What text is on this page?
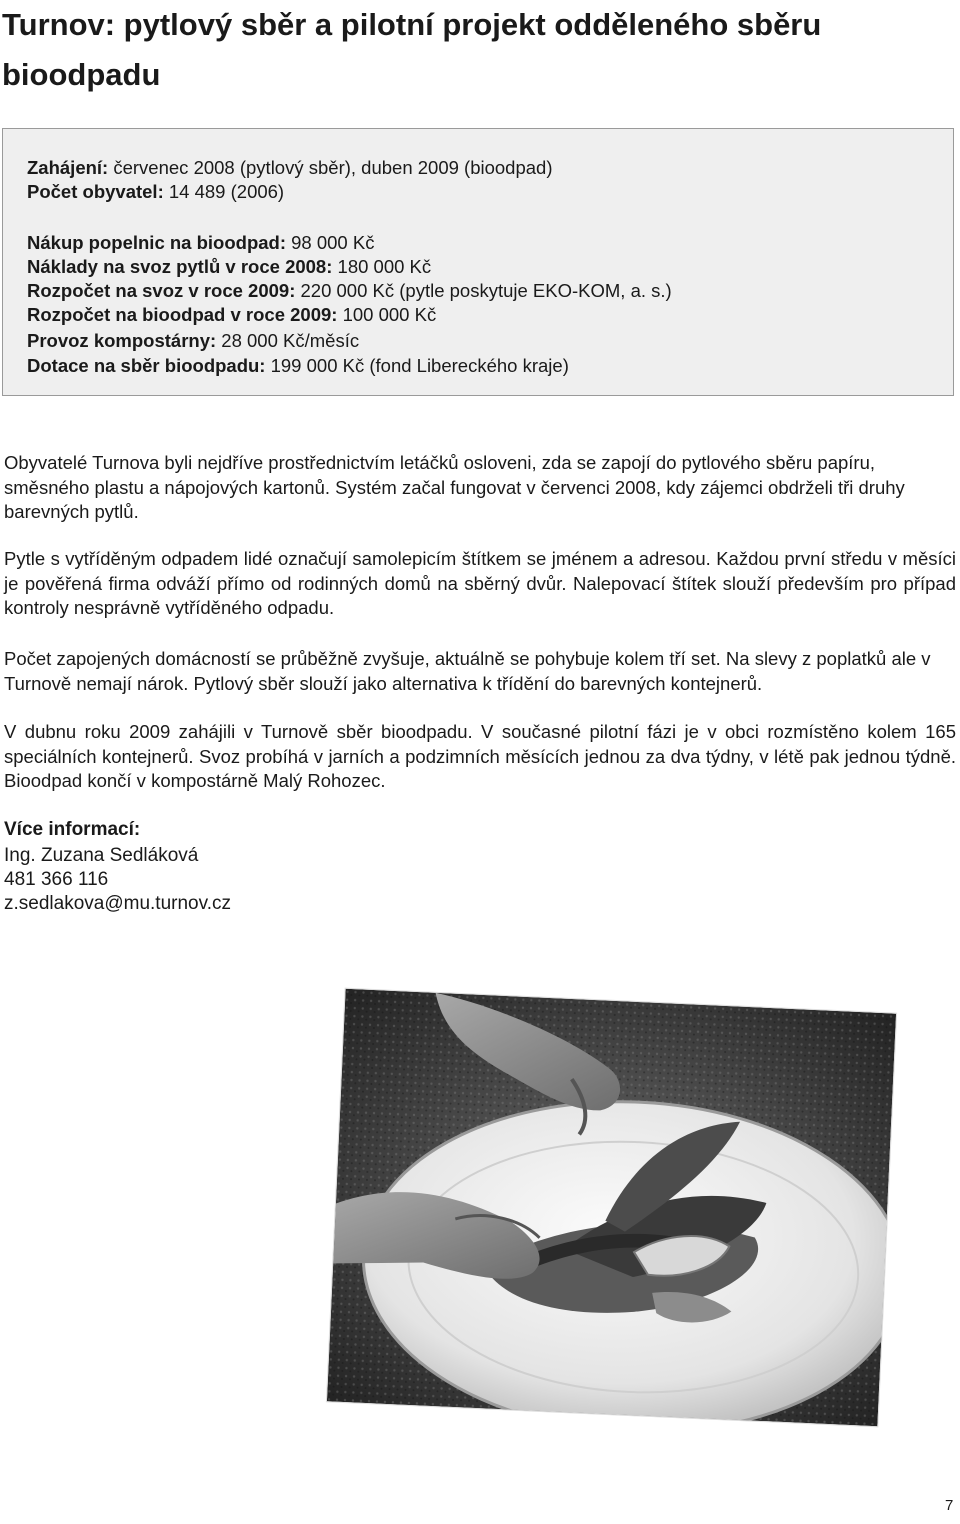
Turnov: pytlový sběr a pilotní projekt odděleného sběru bioodpadu
Zahájení: červenec 2008 (pytlový sběr), duben 2009 (bioodpad)
Počet obyvatel: 14 489 (2006)
Nákup popelnic na bioodpad: 98 000 Kč
Náklady na svoz pytlů v roce 2008: 180 000 Kč
Rozpočet na svoz v roce 2009: 220 000 Kč (pytle poskytuje EKO-KOM, a. s.)
Rozpočet na bioodpad v roce 2009: 100 000 Kč
Provoz kompostárny: 28 000 Kč/měsíc
Dotace na sběr bioodpadu: 199 000 Kč (fond Libereckého kraje)

Obyvatelé Turnova byli nejdříve prostřednictvím letáčků osloveni, zda se zapojí do pytlového sběru papíru, směsného plastu a nápojových kartonů. Systém začal fungovat v červenci 2008, kdy zájemci obdrželi tři druhy barevných pytlů.

Pytle s vytříděným odpadem lidé označují samolepicím štítkem se jménem a adresou. Každou první středu v měsíci je pověřená firma odváží přímo od rodinných domů na sběrný dvůr. Nalepovací štítek slouží především pro případ kontroly nesprávně vytříděného odpadu.

Počet zapojených domácností se průběžně zvyšuje, aktuálně se pohybuje kolem tří set. Na slevy z poplatků ale v Turnově nemají nárok. Pytlový sběr slouží jako alternativa k třídění do barevných kontejnerů.

V dubnu roku 2009 zahájili v Turnově sběr bioodpadu. V současné pilotní fázi je v obci rozmístěno kolem 165 speciálních kontejnerů. Svoz probíhá v jarních a podzimních měsících jednou za dva týdny, v létě pak jednou týdně. Bioodpad končí v kompostárně Malý Rohozec.

Více informací:

Ing. Zuzana Sedláková
481 366 116
z.sedlakova@mu.turnov.cz
7
